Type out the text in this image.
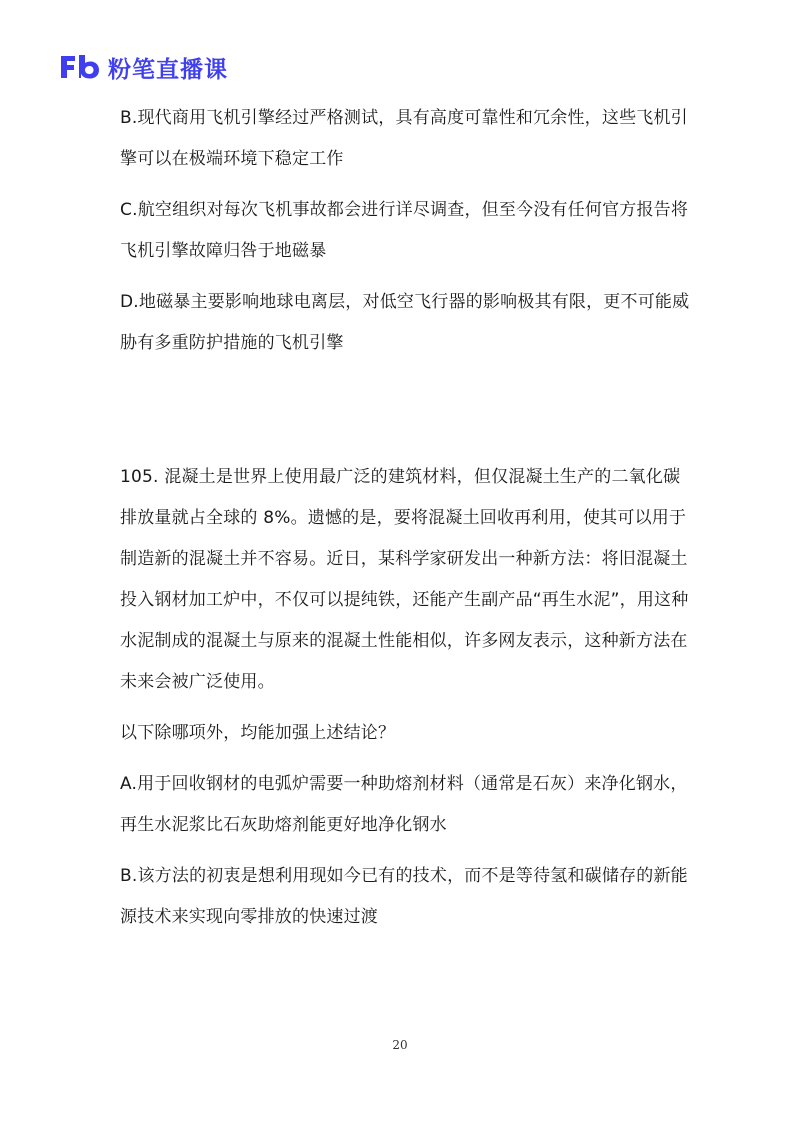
粉笔直播课

B.现代商用飞机引擎经过严格测试，具有高度可靠性和冗余性，这些飞机引擎可以在极端环境下稳定工作

C.航空组织对每次飞机事故都会进行详尽调查，但至今没有任何官方报告将飞机引擎故障归咎于地磁暴

D.地磁暴主要影响地球电离层，对低空飞行器的影响极其有限，更不可能威胁有多重防护措施的飞机引擎

105. 混凝土是世界上使用最广泛的建筑材料，但仅混凝土生产的二氧化碳排放量就占全球的 8%。遗憾的是，要将混凝土回收再利用，使其可以用于制造新的混凝土并不容易。近日，某科学家研发出一种新方法：将旧混凝土投入钢材加工炉中，不仅可以提纯铁，还能产生副产品“再生水泥”，用这种水泥制成的混凝土与原来的混凝土性能相似，许多网友表示，这种新方法在未来会被广泛使用。

以下除哪项外，均能加强上述结论？

A.用于回收钢材的电弧炉需要一种助熔剂材料（通常是石灰）来净化钢水，再生水泥浆比石灰助熔剂能更好地净化钢水

B.该方法的初衷是想利用现如今已有的技术，而不是等待氢和碳储存的新能源技术来实现向零排放的快速过渡

20
